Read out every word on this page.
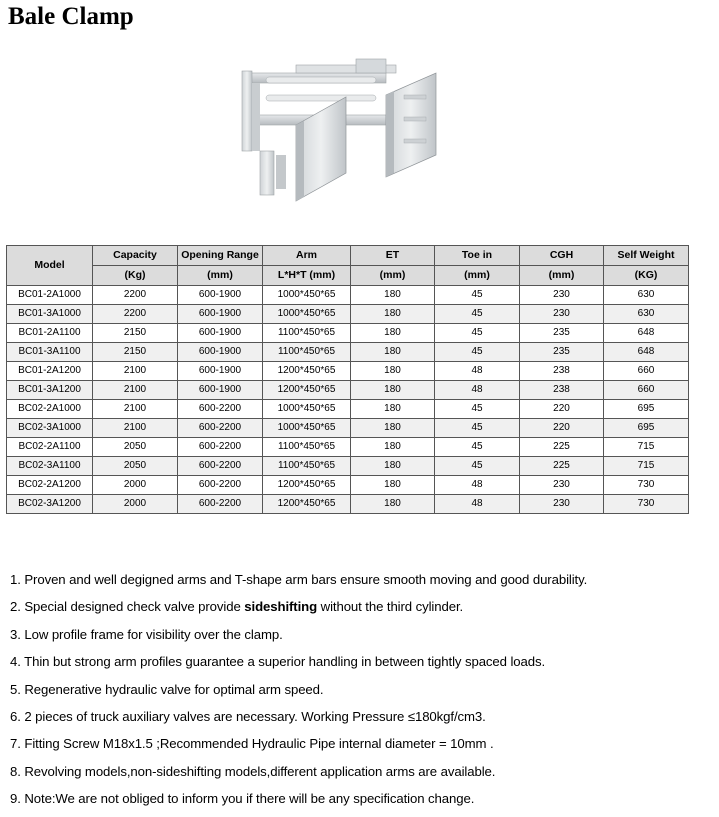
Bale Clamp
Model	Capacity	Opening Range	Arm	ET	Toe in	CGH	Self Weight
	(Kg)	(mm)	L*H*T (mm)	(mm)	(mm)	(mm)	(KG)
BC01-2A1000	2200	600-1900	1000*450*65	180	45	230	630
BC01-3A1000	2200	600-1900	1000*450*65	180	45	230	630
BC01-2A1100	2150	600-1900	1100*450*65	180	45	235	648
BC01-3A1100	2150	600-1900	1100*450*65	180	45	235	648
BC01-2A1200	2100	600-1900	1200*450*65	180	48	238	660
BC01-3A1200	2100	600-1900	1200*450*65	180	48	238	660
BC02-2A1000	2100	600-2200	1000*450*65	180	45	220	695
BC02-3A1000	2100	600-2200	1000*450*65	180	45	220	695
BC02-2A1100	2050	600-2200	1100*450*65	180	45	225	715
BC02-3A1100	2050	600-2200	1100*450*65	180	45	225	715
BC02-2A1200	2000	600-2200	1200*450*65	180	48	230	730
BC02-3A1200	2000	600-2200	1200*450*65	180	48	230	730
1. Proven and well degigned arms and T-shape arm bars ensure smooth moving and good durability.
2. Special designed check valve provide sideshifting without the third cylinder.
3. Low profile frame for visibility over the clamp.
4. Thin but strong arm profiles guarantee a superior handling in between tightly spaced loads.
5. Regenerative hydraulic valve for optimal arm speed.
6. 2 pieces of truck auxiliary valves are necessary. Working Pressure ≤180kgf/cm3.
7. Fitting Screw M18x1.5 ;Recommended Hydraulic Pipe internal diameter = 10mm .
8. Revolving models,non-sideshifting models,different application arms are available.
9. Note:We are not obliged to inform you if there will be any specification change.
